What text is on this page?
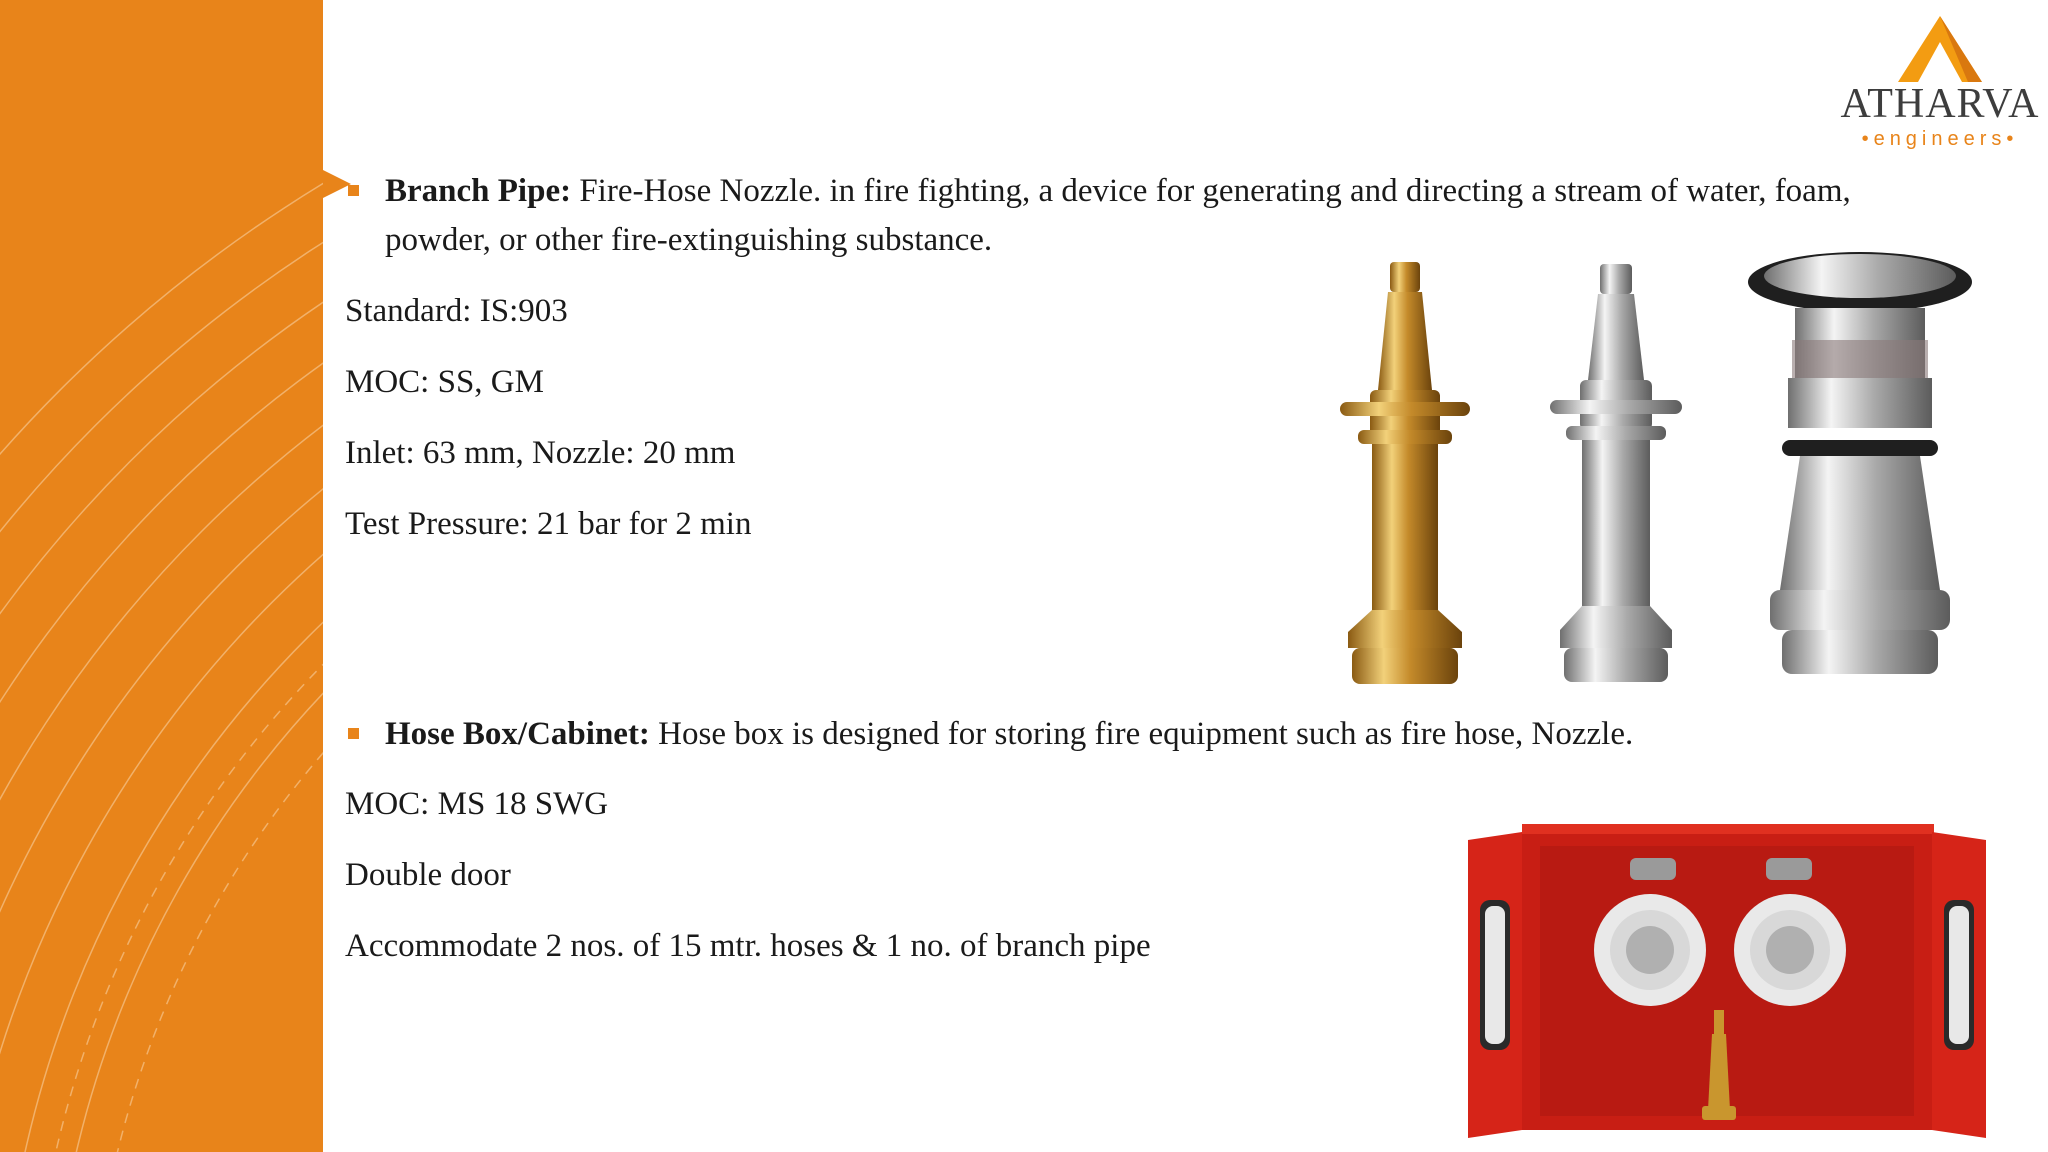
ATHARVA
•engineers•
Branch Pipe: Fire-Hose Nozzle. in fire fighting, a device for generating and directing a stream of water, foam,
powder, or other fire-extinguishing substance.
Standard: IS:903
MOC: SS, GM
Inlet: 63 mm, Nozzle: 20 mm
Test Pressure: 21 bar for 2 min
Hose Box/Cabinet: Hose box is designed for storing fire equipment such as fire hose, Nozzle.
MOC: MS 18 SWG
Double door
Accommodate 2 nos. of 15 mtr. hoses & 1 no. of branch pipe
